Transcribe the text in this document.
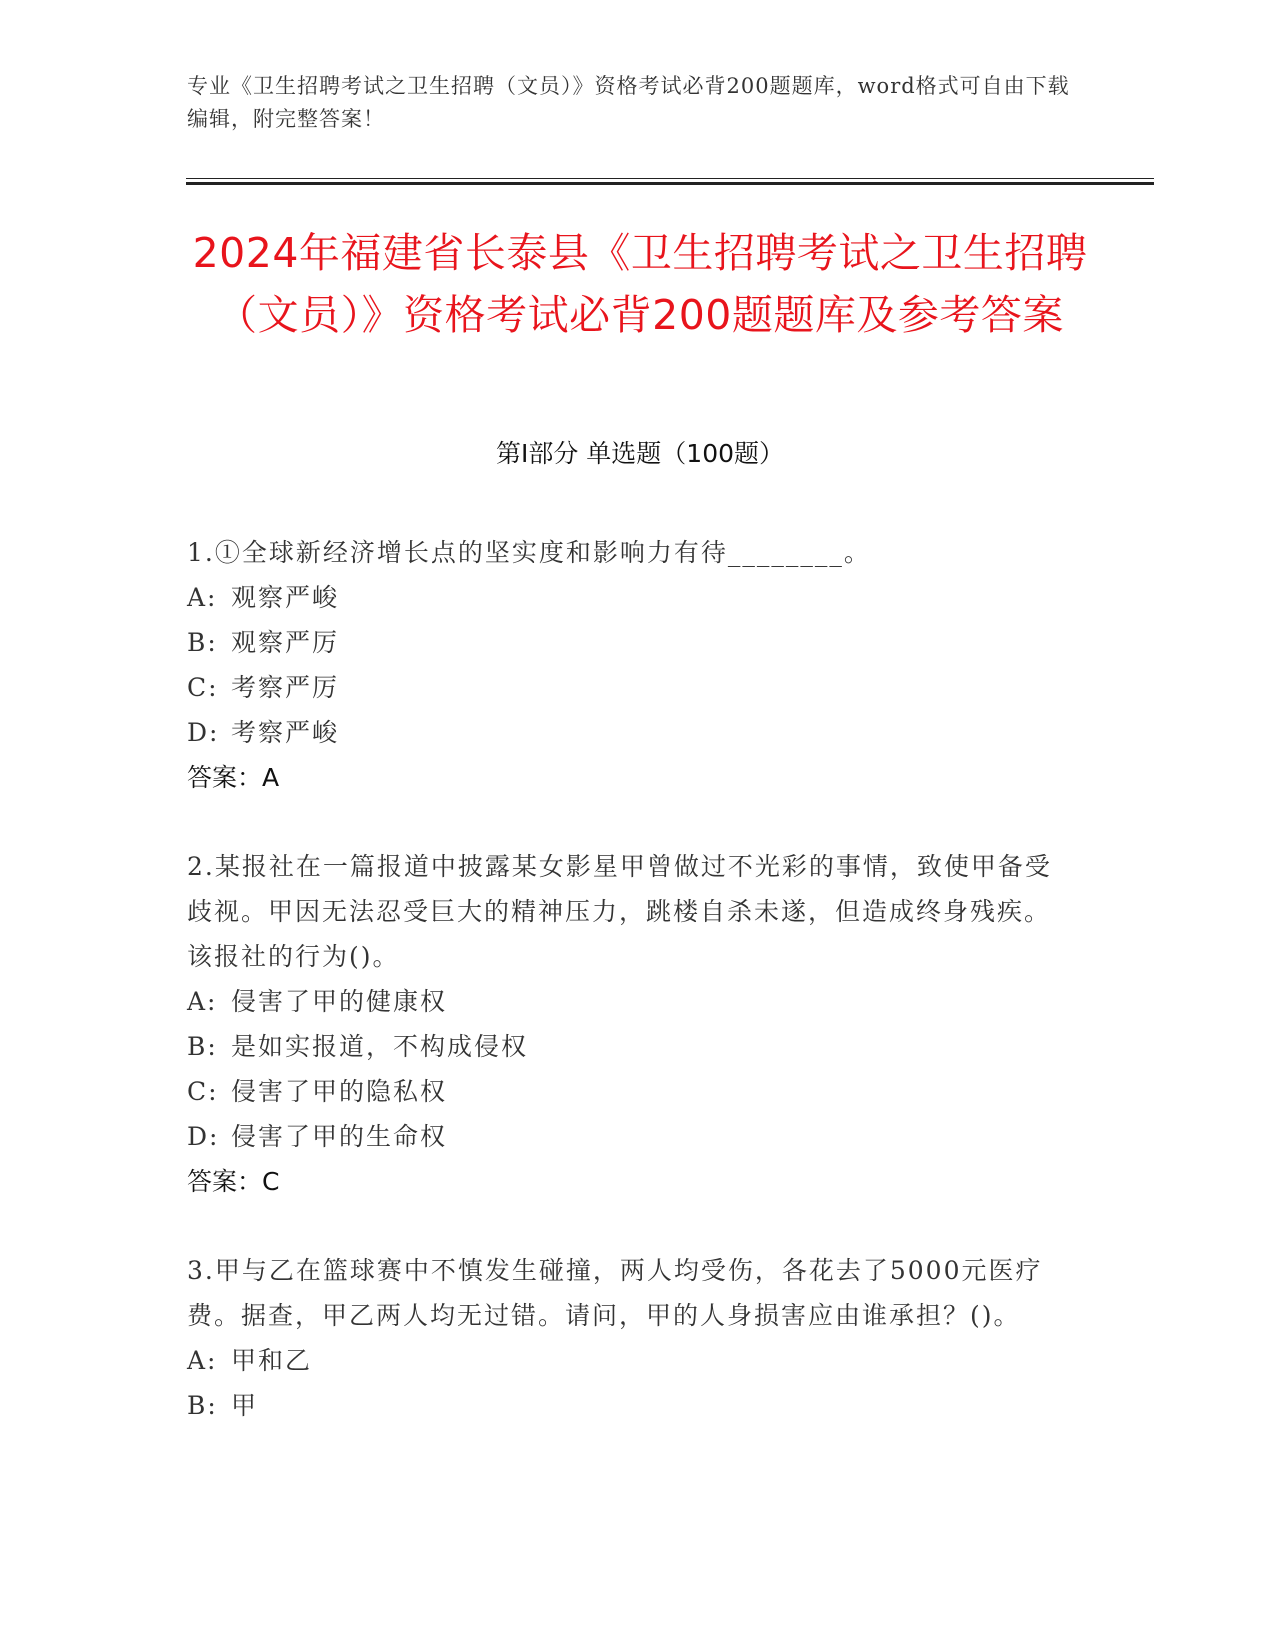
专业《卫生招聘考试之卫生招聘（文员）》资格考试必背200题题库，word格式可自由下载编辑，附完整答案！
2024年福建省长泰县《卫生招聘考试之卫生招聘（文员）》资格考试必背200题题库及参考答案
第Ⅰ部分 单选题（100题）
1.①全球新经济增长点的坚实度和影响力有待________。
A: 观察严峻
B: 观察严厉
C: 考察严厉
D: 考察严峻
答案：A
2.某报社在一篇报道中披露某女影星甲曾做过不光彩的事情，致使甲备受歧视。甲因无法忍受巨大的精神压力，跳楼自杀未遂，但造成终身残疾。该报社的行为()。
A: 侵害了甲的健康权
B: 是如实报道，不构成侵权
C: 侵害了甲的隐私权
D: 侵害了甲的生命权
答案：C
3.甲与乙在篮球赛中不慎发生碰撞，两人均受伤，各花去了5000元医疗费。据查，甲乙两人均无过错。请问，甲的人身损害应由谁承担？()。
A: 甲和乙
B: 甲
